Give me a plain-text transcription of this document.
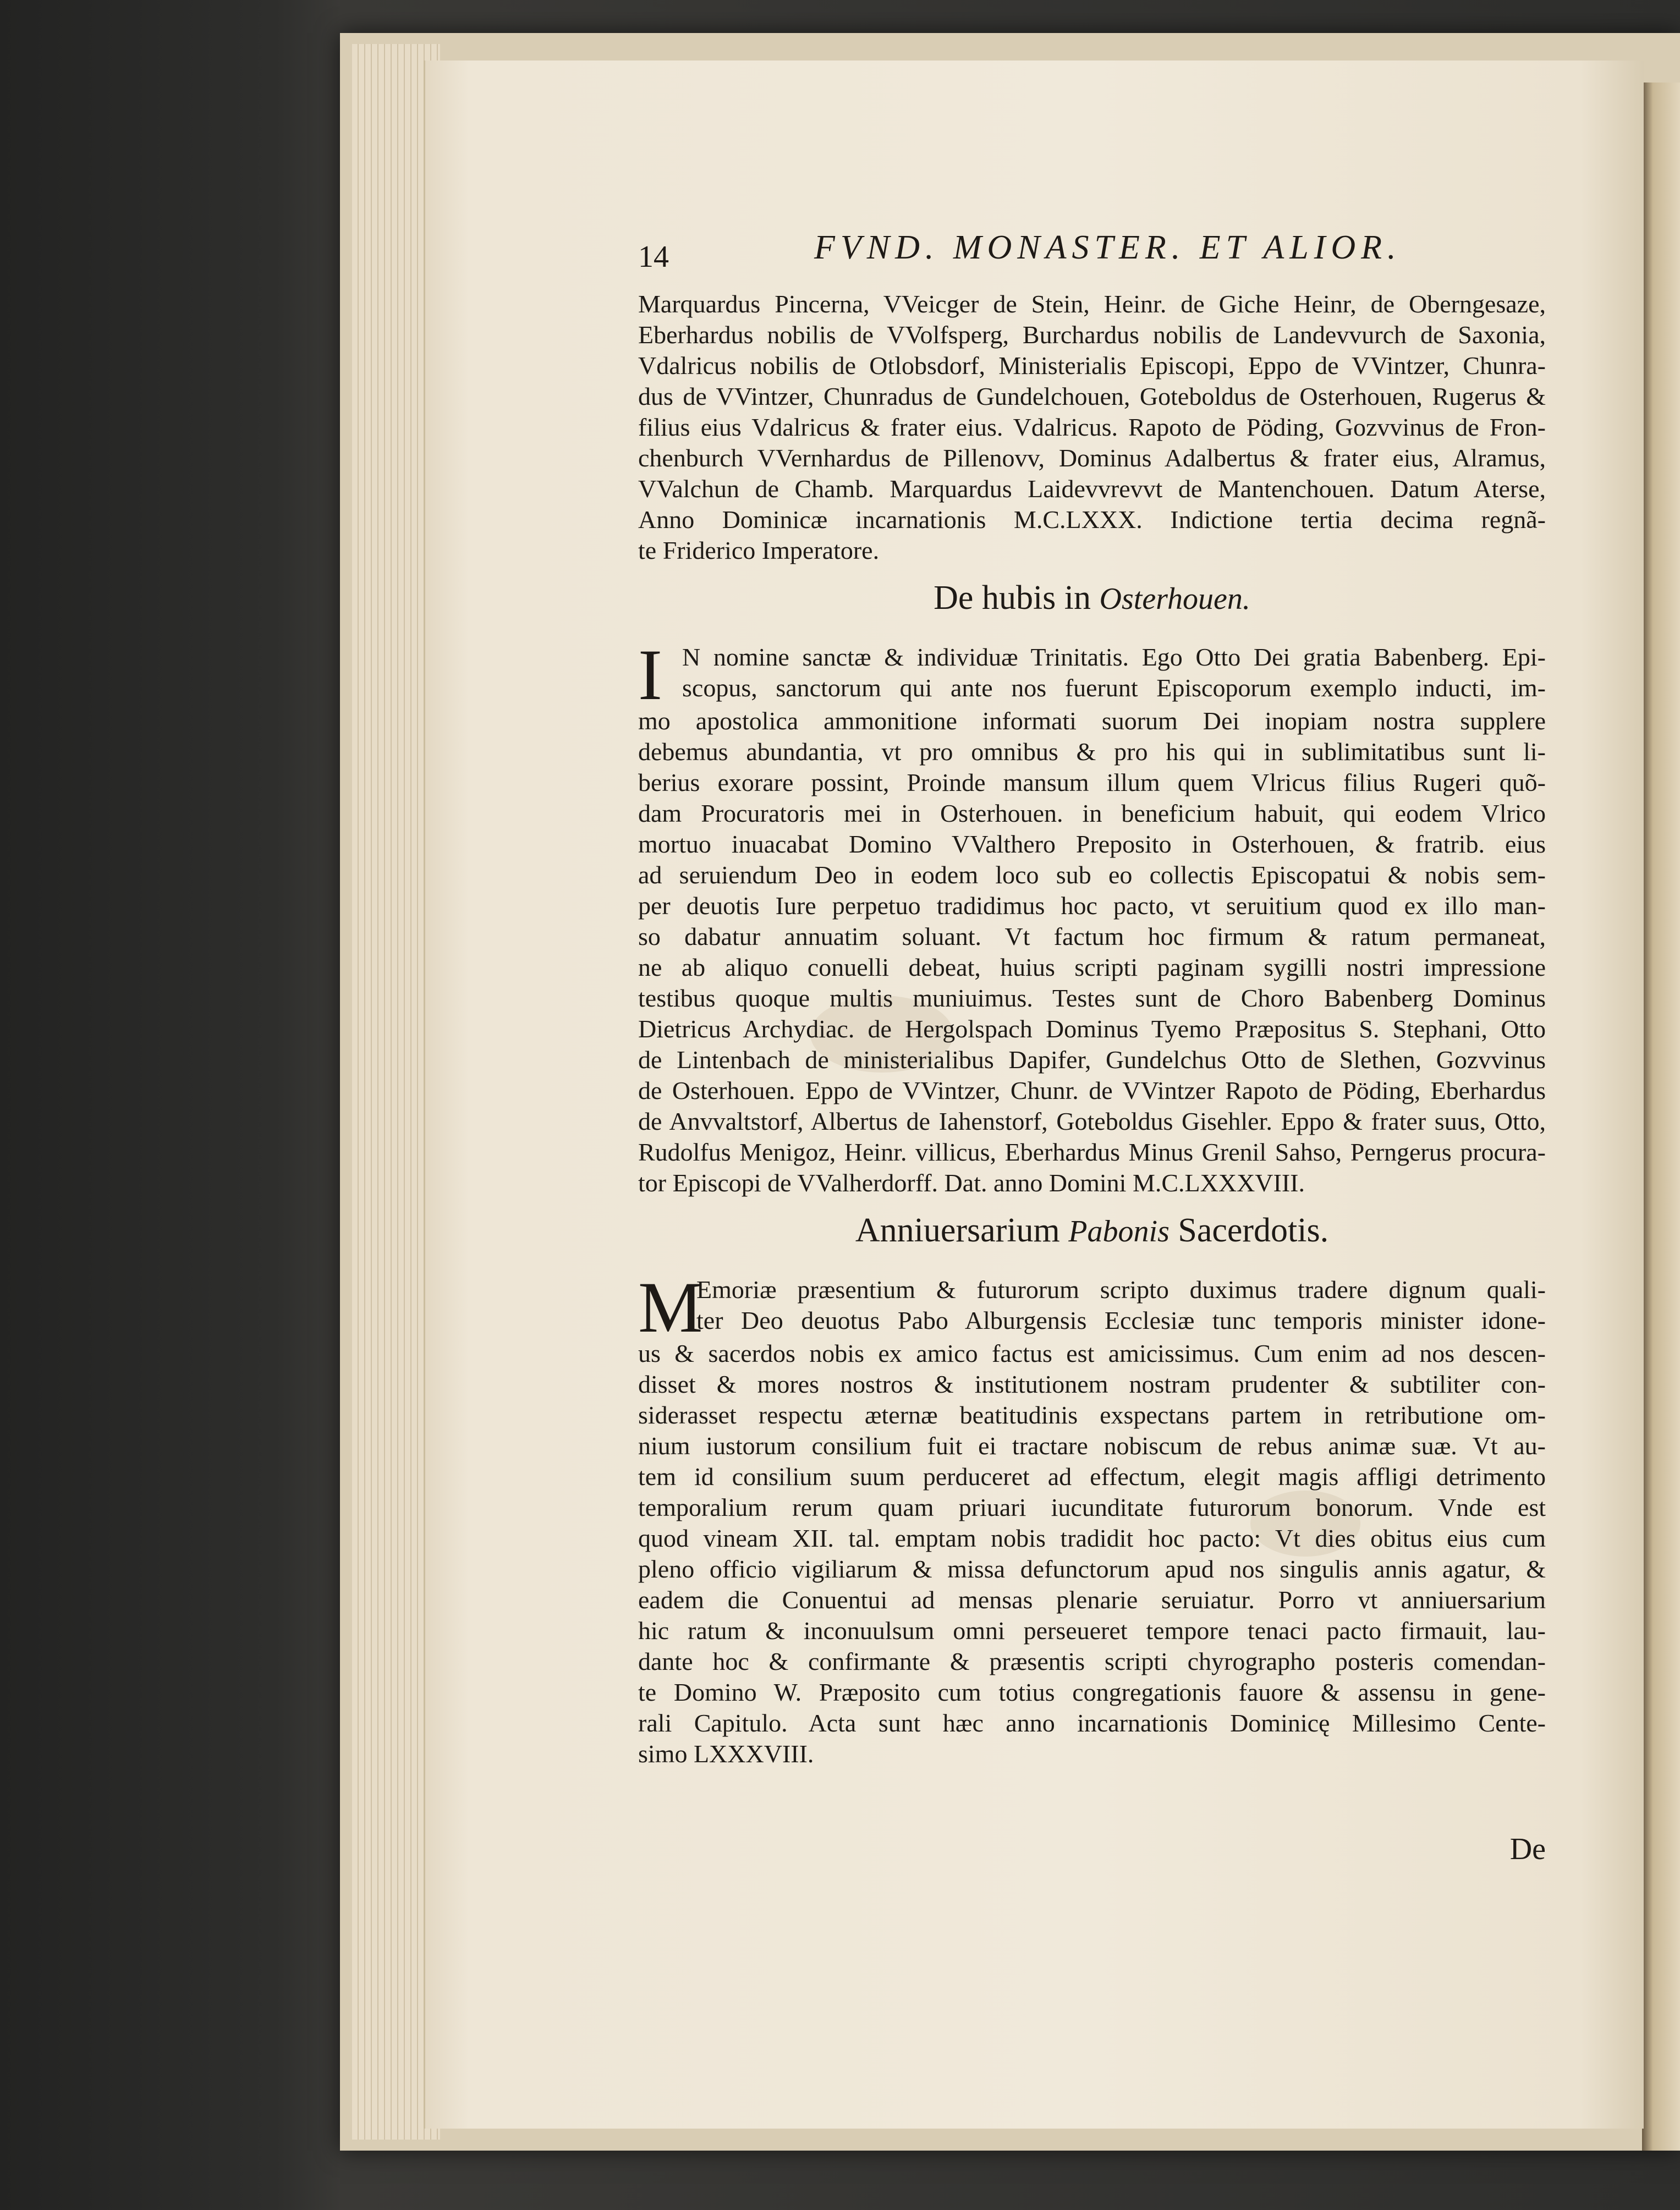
14	FVND. MONASTER. ET ALIOR.
Marquardus Pincerna, VVeicger de Stein, Heinr. de Giche Heinr, de Oberngesaze,
Eberhardus nobilis de VVolfsperg, Burchardus nobilis de Landevvurch de Saxonia,
Vdalricus nobilis de Otlobsdorf, Ministerialis Episcopi, Eppo de VVintzer, Chunra-
dus de VVintzer, Chunradus de Gundelchouen, Goteboldus de Osterhouen, Rugerus &
filius eius Vdalricus & frater eius. Vdalricus. Rapoto de Pöding, Gozvvinus de Fron-
chenburch VVernhardus de Pillenovv, Dominus Adalbertus & frater eius, Alramus,
VValchun de Chamb. Marquardus Laidevvrevvt de Mantenchouen. Datum Aterse,
Anno Dominicæ incarnationis M.C.LXXX. Indictione tertia decima regnã-
te Friderico Imperatore.
De hubis in Osterhouen.
I N nomine sanctæ & individuæ Trinitatis. Ego Otto Dei gratia Babenberg. Epi-
scopus, sanctorum qui ante nos fuerunt Episcoporum exemplo inducti, im-
mo apostolica ammonitione informati suorum Dei inopiam nostra supplere
debemus abundantia, vt pro omnibus & pro his qui in sublimitatibus sunt li-
berius exorare possint, Proinde mansum illum quem Vlricus filius Rugeri quõ-
dam Procuratoris mei in Osterhouen. in beneficium habuit, qui eodem Vlrico
mortuo inuacabat Domino VValthero Preposito in Osterhouen, & fratrib. eius
ad seruiendum Deo in eodem loco sub eo collectis Episcopatui & nobis sem-
per deuotis Iure perpetuo tradidimus hoc pacto, vt seruitium quod ex illo man-
so dabatur annuatim soluant. Vt factum hoc firmum & ratum permaneat,
ne ab aliquo conuelli debeat, huius scripti paginam sygilli nostri impressione
testibus quoque multis muniuimus. Testes sunt de Choro Babenberg Dominus
Dietricus Archydiac. de Hergolspach Dominus Tyemo Præpositus S. Stephani, Otto
de Lintenbach de ministerialibus Dapifer, Gundelchus Otto de Slethen, Gozvvinus
de Osterhouen. Eppo de VVintzer, Chunr. de VVintzer Rapoto de Pöding, Eberhardus
de Anvvaltstorf, Albertus de Iahenstorf, Goteboldus Gisehler. Eppo & frater suus, Otto,
Rudolfus Menigoz, Heinr. villicus, Eberhardus Minus Grenil Sahso, Perngerus procura-
tor Episcopi de VValherdorff. Dat. anno Domini M.C.LXXXVIII.
Anniuersarium Pabonis Sacerdotis.
M
Emoriæ præsentium & futurorum scripto duximus tradere dignum quali-
ter Deo deuotus Pabo Alburgensis Ecclesiæ tunc temporis minister idone-
us & sacerdos nobis ex amico factus est amicissimus. Cum enim ad nos descen-
disset & mores nostros & institutionem nostram prudenter & subtiliter con-
siderasset respectu æternæ beatitudinis exspectans partem in retributione om-
nium iustorum consilium fuit ei tractare nobiscum de rebus animæ suæ. Vt au-
tem id consilium suum perduceret ad effectum, elegit magis affligi detrimento
temporalium rerum quam priuari iucunditate futurorum bonorum. Vnde est
quod vineam XII. tal. emptam nobis tradidit hoc pacto: Vt dies obitus eius cum
pleno officio vigiliarum & missa defunctorum apud nos singulis annis agatur, &
eadem die Conuentui ad mensas plenarie seruiatur. Porro vt anniuersarium
hic ratum & inconuulsum omni perseueret tempore tenaci pacto firmauit, lau-
dante hoc & confirmante & præsentis scripti chyrographo posteris comendan-
te Domino W. Præposito cum totius congregationis fauore & assensu in gene-
rali Capitulo. Acta sunt hæc anno incarnationis Dominicę Millesimo Cente-
simo LXXXVIII.
De
